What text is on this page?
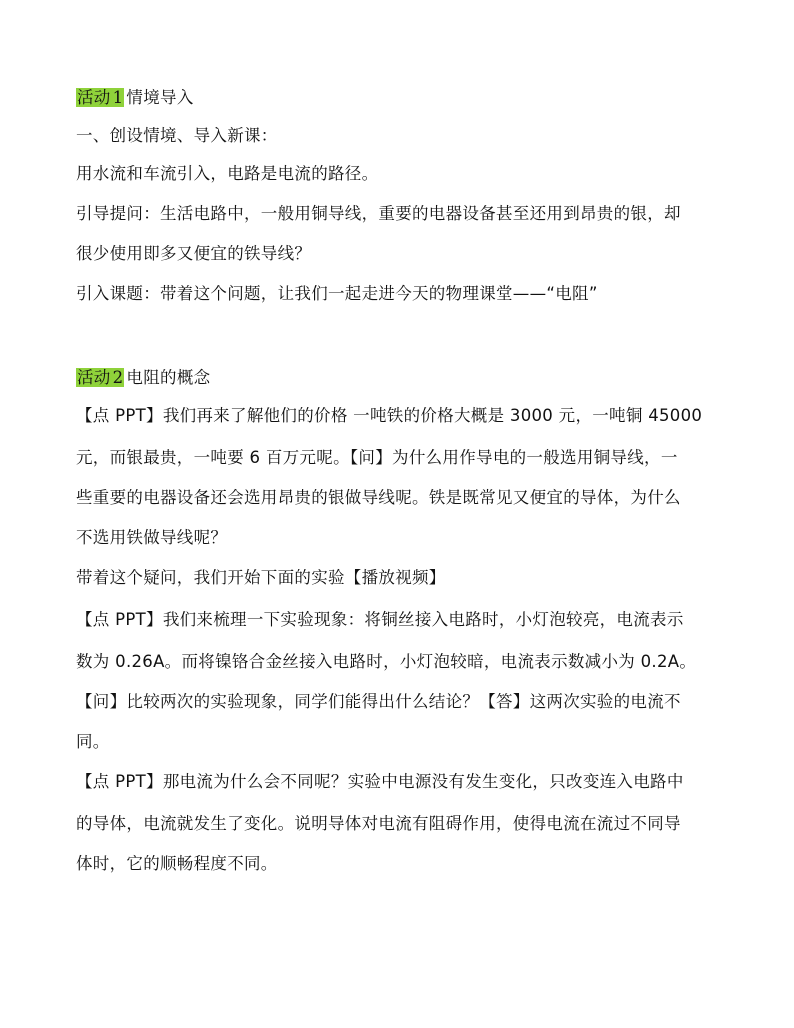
活动 1 情境导入
一、创设情境、导入新课：
用水流和车流引入，电路是电流的路径。
引导提问：生活电路中，一般用铜导线，重要的电器设备甚至还用到昂贵的银，却
很少使用即多又便宜的铁导线？
引入课题：带着这个问题，让我们一起走进今天的物理课堂——“电阻”
活动 2 电阻的概念
【点 PPT】我们再来了解他们的价格 一吨铁的价格大概是 3000 元，一吨铜 45000
元，而银最贵，一吨要 6 百万元呢。【问】为什么用作导电的一般选用铜导线，一
些重要的电器设备还会选用昂贵的银做导线呢。铁是既常见又便宜的导体，为什么
不选用铁做导线呢？
带着这个疑问，我们开始下面的实验【播放视频】
【点 PPT】我们来梳理一下实验现象：将铜丝接入电路时，小灯泡较亮，电流表示
数为 0.26A。而将镍铬合金丝接入电路时，小灯泡较暗，电流表示数减小为 0.2A。
【问】比较两次的实验现象，同学们能得出什么结论？【答】这两次实验的电流不
同。
【点 PPT】那电流为什么会不同呢？实验中电源没有发生变化，只改变连入电路中
的导体，电流就发生了变化。说明导体对电流有阻碍作用，使得电流在流过不同导
体时，它的顺畅程度不同。
